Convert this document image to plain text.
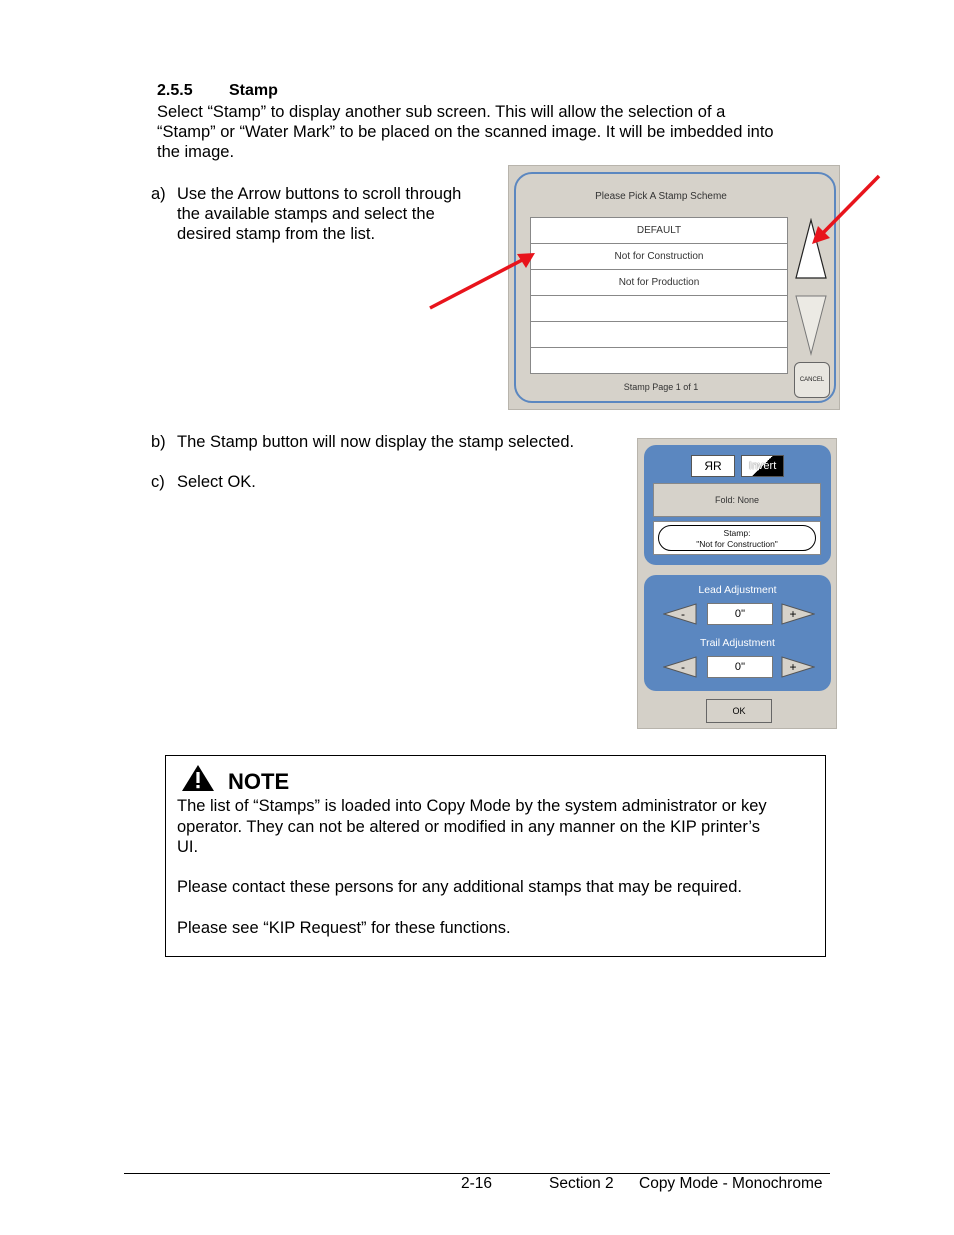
2.5.5 Stamp
Select “Stamp” to display another sub screen. This will allow the selection of a
“Stamp” or “Water Mark” to be placed on the scanned image. It will be imbedded into
the image.
a) Use the Arrow buttons to scroll through
the available stamps and select the
desired stamp from the list.
Please Pick A Stamp Scheme
DEFAULT
Not for Construction
Not for Production
CANCEL
Stamp Page 1 of 1
b) The Stamp button will now display the stamp selected.
c) Select OK.
ЯR	Invert
Fold: None
Stamp:
"Not for Construction"
Lead Adjustment
-	0''	+
Trail Adjustment
-	0''	+
OK
NOTE
The list of “Stamps” is loaded into Copy Mode by the system administrator or key
operator. They can not be altered or modified in any manner on the KIP printer’s
UI.
Please contact these persons for any additional stamps that may be required.
Please see “KIP Request” for these functions.
2-16	Section 2 Copy Mode - Monochrome
